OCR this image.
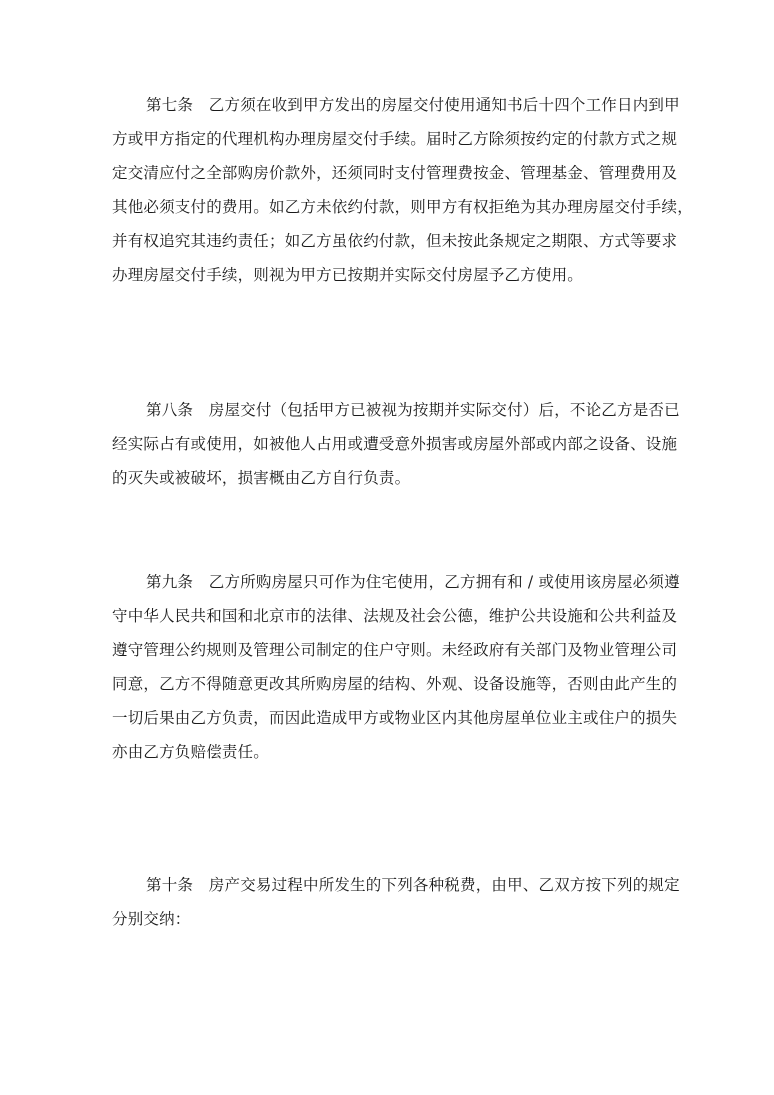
第七条　乙方须在收到甲方发出的房屋交付使用通知书后十四个工作日内到甲
方或甲方指定的代理机构办理房屋交付手续。届时乙方除须按约定的付款方式之规
定交清应付之全部购房价款外，还须同时支付管理费按金、管理基金、管理费用及
其他必须支付的费用。如乙方未依约付款，则甲方有权拒绝为其办理房屋交付手续，
并有权追究其违约责任；如乙方虽依约付款，但未按此条规定之期限、方式等要求
办理房屋交付手续，则视为甲方已按期并实际交付房屋予乙方使用。
第八条　房屋交付（包括甲方已被视为按期并实际交付）后，不论乙方是否已
经实际占有或使用，如被他人占用或遭受意外损害或房屋外部或内部之设备、设施
的灭失或被破坏，损害概由乙方自行负责。
第九条　乙方所购房屋只可作为住宅使用，乙方拥有和 / 或使用该房屋必须遵
守中华人民共和国和北京市的法律、法规及社会公德，维护公共设施和公共利益及
遵守管理公约规则及管理公司制定的住户守则。未经政府有关部门及物业管理公司
同意，乙方不得随意更改其所购房屋的结构、外观、设备设施等，否则由此产生的
一切后果由乙方负责，而因此造成甲方或物业区内其他房屋单位业主或住户的损失
亦由乙方负赔偿责任。
第十条　房产交易过程中所发生的下列各种税费，由甲、乙双方按下列的规定
分别交纳：
